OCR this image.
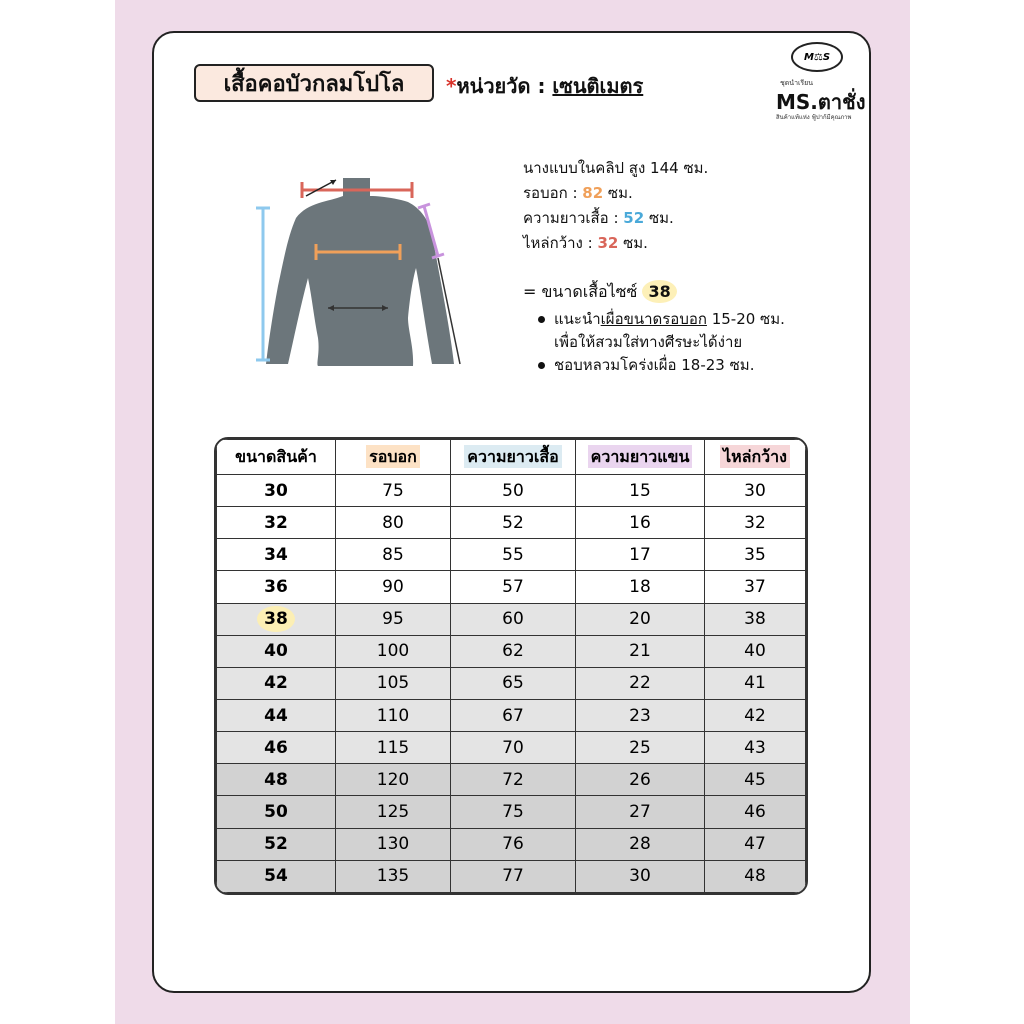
เสื้อคอบัวกลมโปโล	*หน่วยวัด : เซนติเมตร
M⚖S
ชุดนำเรียน
MS.ตาชั่ง
สินค้าแท้แห่ง ฟู้ปาก้มีคุณภาพ
นางแบบในคลิป สูง 144 ซม.
รอบอก : 82 ซม.
ความยาวเสื้อ : 52 ซม.
ไหล่กว้าง : 32 ซม.
= ขนาดเสื้อไซซ์ 38
แนะนำเผื่อขนาดรอบอก 15-20 ซม.
เพื่อให้สวมใส่ทางศีรษะได้ง่าย
ชอบหลวมโคร่งเผื่อ 18-23 ซม.
ขนาดสินค้า	รอบอก	ความยาวเสื้อ	ความยาวแขน	ไหล่กว้าง
30	75	50	15	30
32	80	52	16	32
34	85	55	17	35
36	90	57	18	37
38	95	60	20	38
40	100	62	21	40
42	105	65	22	41
44	110	67	23	42
46	115	70	25	43
48	120	72	26	45
50	125	75	27	46
52	130	76	28	47
54	135	77	30	48
